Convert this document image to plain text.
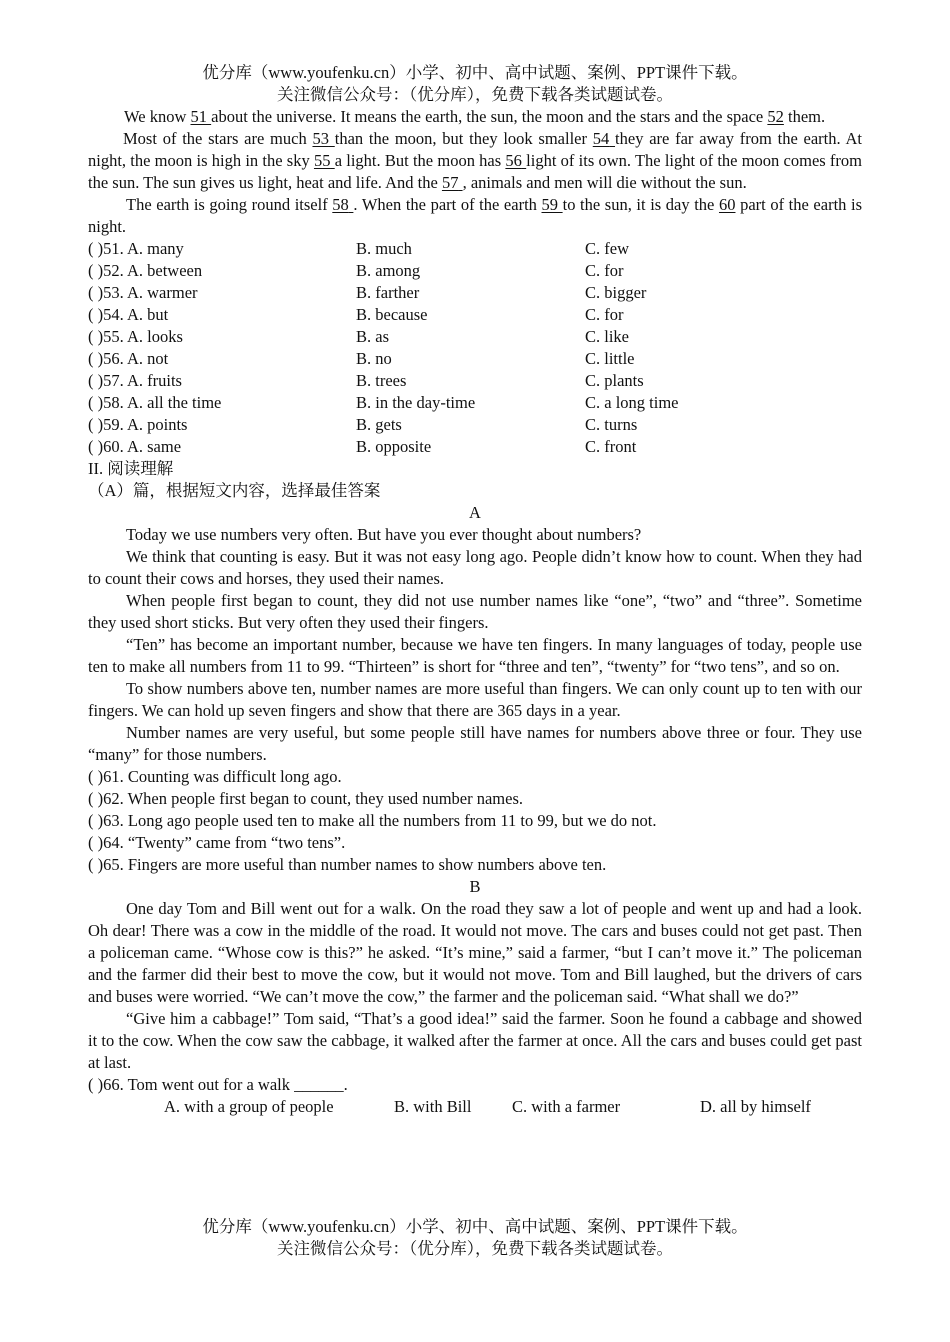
优分库（www.youfenku.cn）小学、初中、高中试题、案例、PPT课件下载。
关注微信公众号：（优分库），免费下载各类试题试卷。

We know 51 about the universe. It means the earth, the sun, the moon and the stars and the space 52 them.

Most of the stars are much 53 than the moon, but they look smaller 54 they are far away from the earth. At night, the moon is high in the sky 55 a light. But the moon has 56 light of its own. The light of the moon comes from the sun. The sun gives us light, heat and life. And the 57 , animals and men will die without the sun.

The earth is going round itself 58 . When the part of the earth 59 to the sun, it is day the 60 part of the earth is night.

( )51. A. many	B. much	C. few
( )52. A. between	B. among	C. for
( )53. A. warmer	B. farther	C. bigger
( )54. A. but	B. because	C. for
( )55. A. looks	B. as	C. like
( )56. A. not	B. no	C. little
( )57. A. fruits	B. trees	C. plants
( )58. A. all the time	B. in the day-time	C. a long time
( )59. A. points	B. gets	C. turns
( )60. A. same	B. opposite	C. front
II. 阅读理解
（A）篇，根据短文内容，选择最佳答案
A

Today we use numbers very often. But have you ever thought about numbers?

We think that counting is easy. But it was not easy long ago. People didn’t know how to count. When they had to count their cows and horses, they used their names.

When people first began to count, they did not use number names like “one”, “two” and “three”. Sometime they used short sticks. But very often they used their fingers.

“Ten” has become an important number, because we have ten fingers. In many languages of today, people use ten to make all numbers from 11 to 99. “Thirteen” is short for “three and ten”, “twenty” for “two tens”, and so on.

To show numbers above ten, number names are more useful than fingers. We can only count up to ten with our fingers. We can hold up seven fingers and show that there are 365 days in a year.

Number names are very useful, but some people still have names for numbers above three or four. They use “many” for those numbers.

( )61. Counting was difficult long ago.
( )62. When people first began to count, they used number names.
( )63. Long ago people used ten to make all the numbers from 11 to 99, but we do not.
( )64. “Twenty” came from “two tens”.
( )65. Fingers are more useful than number names to show numbers above ten.
B

One day Tom and Bill went out for a walk. On the road they saw a lot of people and went up and had a look. Oh dear! There was a cow in the middle of the road. It would not move. The cars and buses could not get past. Then a policeman came. “Whose cow is this?” he asked. “It’s mine,” said a farmer, “but I can’t move it.” The policeman and the farmer did their best to move the cow, but it would not move. Tom and Bill laughed, but the drivers of cars and buses were worried. “We can’t move the cow,” the farmer and the policeman said. “What shall we do?”

“Give him a cabbage!” Tom said, “That’s a good idea!” said the farmer. Soon he found a cabbage and showed it to the cow. When the cow saw the cabbage, it walked after the farmer at once. All the cars and buses could get past at last.

( )66. Tom went out for a walk ______.
A. with a group of people	B. with Bill	C. with a farmer	D. all by himself
优分库（www.youfenku.cn）小学、初中、高中试题、案例、PPT课件下载。
关注微信公众号：（优分库），免费下载各类试题试卷。
